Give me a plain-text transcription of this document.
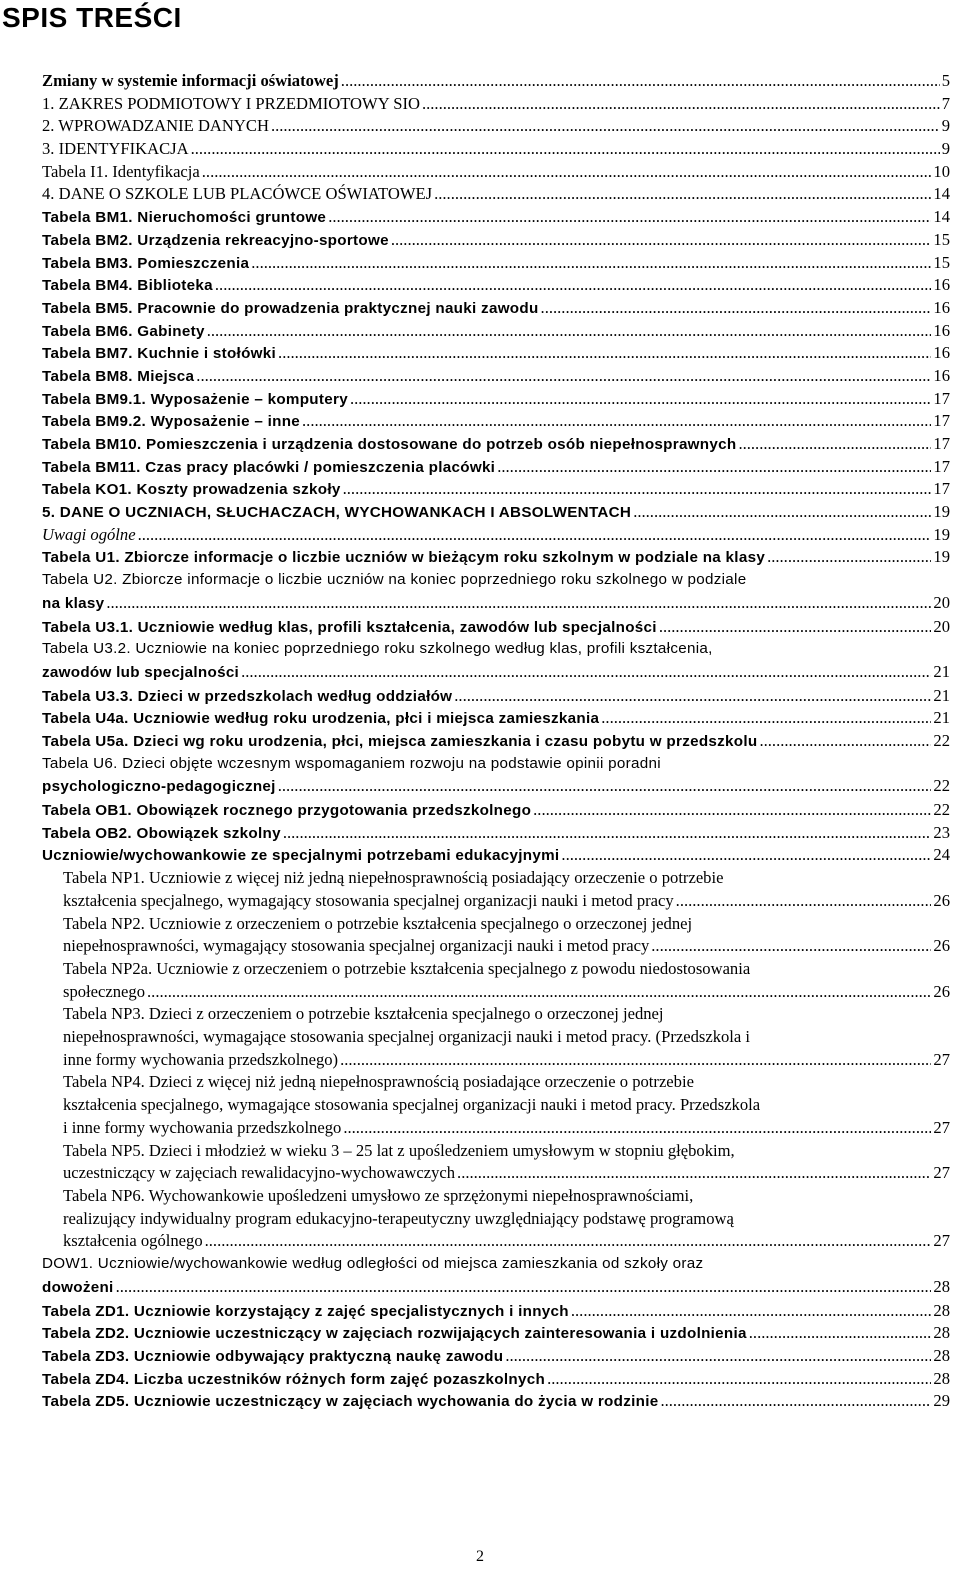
SPIS TREŚCI
Zmiany w systemie informacji oświatowej .....	5
1. ZAKRES PODMIOTOWY I PRZEDMIOTOWY SIO .....	7
2. WPROWADZANIE DANYCH .....	9
3. IDENTYFIKACJA .....	9
Tabela I1. Identyfikacja .....	10
4. DANE O SZKOLE LUB PLACÓWCE OŚWIATOWEJ .....	14
Tabela BM1. Nieruchomości gruntowe .....	14
Tabela BM2. Urządzenia rekreacyjno-sportowe .....	15
Tabela BM3. Pomieszczenia .....	15
Tabela BM4. Biblioteka .....	16
Tabela BM5. Pracownie do prowadzenia praktycznej nauki zawodu .....	16
Tabela BM6. Gabinety .....	16
Tabela BM7. Kuchnie i stołówki .....	16
Tabela BM8. Miejsca .....	16
Tabela BM9.1. Wyposażenie – komputery .....	17
Tabela BM9.2. Wyposażenie – inne .....	17
Tabela BM10. Pomieszczenia i urządzenia dostosowane do potrzeb osób niepełnosprawnych .....	17
Tabela BM11. Czas pracy placówki / pomieszczenia placówki .....	17
Tabela KO1. Koszty prowadzenia szkoły .....	17
5. DANE O UCZNIACH, SŁUCHACZACH, WYCHOWANKACH I ABSOLWENTACH .....	19
Uwagi ogólne .....	19
Tabela U1. Zbiorcze informacje o liczbie uczniów w bieżącym roku szkolnym w podziale na klasy .....	19
Tabela U2. Zbiorcze informacje o liczbie uczniów na koniec poprzedniego roku szkolnego w podziale
na klasy .....	20
Tabela U3.1. Uczniowie według klas, profili kształcenia, zawodów lub specjalności .....	20
Tabela U3.2. Uczniowie na koniec poprzedniego roku szkolnego według klas, profili kształcenia,
zawodów lub specjalności .....	21
Tabela U3.3. Dzieci w przedszkolach według oddziałów .....	21
Tabela U4a. Uczniowie według roku urodzenia, płci i miejsca zamieszkania .....	21
Tabela U5a. Dzieci wg roku urodzenia, płci, miejsca zamieszkania i czasu pobytu w przedszkolu .....	22
Tabela U6. Dzieci objęte wczesnym wspomaganiem rozwoju na podstawie opinii poradni
psychologiczno-pedagogicznej .....	22
Tabela OB1. Obowiązek rocznego przygotowania przedszkolnego .....	22
Tabela OB2. Obowiązek szkolny .....	23
Uczniowie/wychowankowie ze specjalnymi potrzebami edukacyjnymi .....	24
Tabela NP1. Uczniowie z więcej niż jedną niepełnosprawnością posiadający orzeczenie o potrzebie
kształcenia specjalnego, wymagający stosowania specjalnej organizacji nauki i metod pracy .....	26
Tabela NP2. Uczniowie z orzeczeniem o potrzebie kształcenia specjalnego o orzeczonej jednej
niepełnosprawności, wymagający stosowania specjalnej organizacji nauki i metod pracy .....	26
Tabela NP2a. Uczniowie z orzeczeniem o potrzebie kształcenia specjalnego z powodu niedostosowania
społecznego .....	26
Tabela NP3. Dzieci z orzeczeniem o potrzebie kształcenia specjalnego o orzeczonej jednej
niepełnosprawności, wymagające stosowania specjalnej organizacji nauki i metod pracy. (Przedszkola i
inne formy wychowania przedszkolnego) .....	27
Tabela NP4. Dzieci z więcej niż jedną niepełnosprawnością posiadające orzeczenie o potrzebie
kształcenia specjalnego, wymagające stosowania specjalnej organizacji nauki i metod pracy. Przedszkola
i inne formy wychowania przedszkolnego .....	27
Tabela NP5. Dzieci i młodzież w wieku 3 – 25 lat z upośledzeniem umysłowym w stopniu głębokim,
uczestniczący w zajęciach rewalidacyjno-wychowawczych .....	27
Tabela NP6. Wychowankowie upośledzeni umysłowo ze sprzężonymi niepełnosprawnościami,
realizujący indywidualny program edukacyjno-terapeutyczny uwzględniający podstawę programową
kształcenia ogólnego .....	27
DOW1. Uczniowie/wychowankowie według odległości od miejsca zamieszkania od szkoły oraz
dowożeni .....	28
Tabela ZD1. Uczniowie korzystający z zajęć specjalistycznych i innych .....	28
Tabela ZD2. Uczniowie uczestniczący w zajęciach rozwijających zainteresowania i uzdolnienia .....	28
Tabela ZD3. Uczniowie odbywający praktyczną naukę zawodu .....	28
Tabela ZD4. Liczba uczestników różnych form zajęć pozaszkolnych .....	28
Tabela ZD5. Uczniowie uczestniczący w zajęciach wychowania do życia w rodzinie .....	29
2
